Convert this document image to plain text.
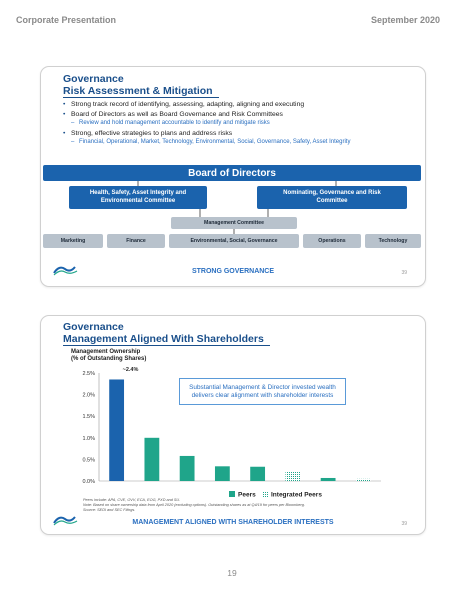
Corporate Presentation	September 2020
Governance
Risk Assessment & Mitigation
• Strong track record of identifying, assessing, adapting, aligning and executing
• Board of Directors as well as Board Governance and Risk Committees
– Review and hold management accountable to identify and mitigate risks
• Strong, effective strategies to plans and address risks
– Financial, Operational, Market, Technology, Environmental, Social, Governance, Safety, Asset Integrity
Board of Directors
Health, Safety, Asset Integrity and Environmental Committee
Nominating, Governance and Risk Committee
Management Committee
Marketing	Finance	Environmental, Social, Governance	Operations	Technology
STRONG GOVERNANCE	39
Governance
Management Aligned With Shareholders
Management Ownership
(% of Outstanding Shares)
0.0%
0.5%
1.0%
1.5%
2.0%
2.5%
~2.4%
Peers Integrated Peers
Substantial Management & Director invested wealth delivers clear alignment with shareholder interests
Peers include: APA, CVE, OVV, ECA, EOG, PXD and SU.
Note: Based on share ownership data from April 2020 (excluding options). Outstanding shares as at Q4/19 for peers per Bloomberg.
Source: SEDI and SEC Filings.
MANAGEMENT ALIGNED WITH SHAREHOLDER INTERESTS	39
19
